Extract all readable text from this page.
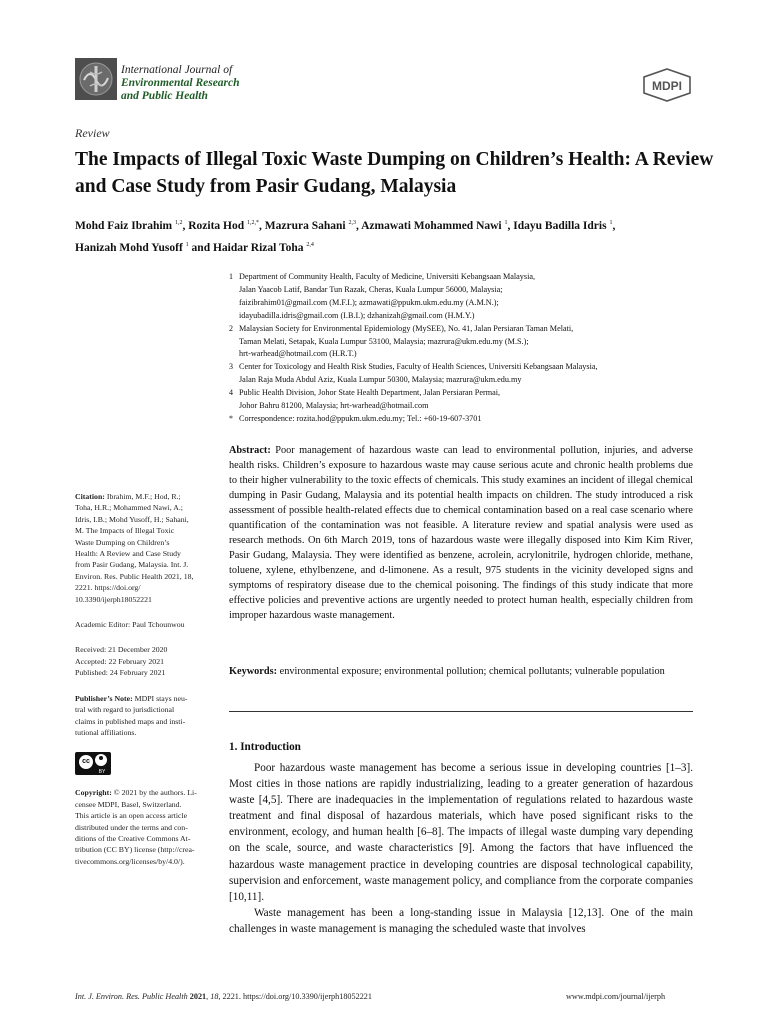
International Journal of
Environmental Research
and Public Health
MDPI
Review
The Impacts of Illegal Toxic Waste Dumping on Children’s Health: A Review and Case Study from Pasir Gudang, Malaysia
Mohd Faiz Ibrahim $^{1,2}$, Rozita Hod $^{1,2,*}$, Mazrura Sahani $^{2,3}$, Azmawati Mohammed Nawi $^1$, Idayu Badilla Idris $^1$,
Hanizah Mohd Yusoff $^1$ and Haidar Rizal Toha $^{2,4}$
1 Department of Community Health, Faculty of Medicine, Universiti Kebangsaan Malaysia,
Jalan Yaacob Latif, Bandar Tun Razak, Cheras, Kuala Lumpur 56000, Malaysia;
faizibrahim01@gmail.com (M.F.I.); azmawati@ppukm.ukm.edu.my (A.M.N.);
idayubadilla.idris@gmail.com (I.B.I.); dzhanizah@gmail.com (H.M.Y.)
2 Malaysian Society for Environmental Epidemiology (MySEE), No. 41, Jalan Persiaran Taman Melati,
Taman Melati, Setapak, Kuala Lumpur 53100, Malaysia; mazrura@ukm.edu.my (M.S.);
hrt-warhead@hotmail.com (H.R.T.)
3 Center for Toxicology and Health Risk Studies, Faculty of Health Sciences, Universiti Kebangsaan Malaysia,
Jalan Raja Muda Abdul Aziz, Kuala Lumpur 50300, Malaysia; mazrura@ukm.edu.my
4 Public Health Division, Johor State Health Department, Jalan Persiaran Permai,
Johor Bahru 81200, Malaysia; hrt-warhead@hotmail.com
* Correspondence: rozita.hod@ppukm.ukm.edu.my; Tel.: +60-19-607-3701
Citation: Ibrahim, M.F.; Hod, R.;
Toha, H.R.; Mohammed Nawi, A.;
Idris, I.B.; Mohd Yusoff, H.; Sahani,
M. The Impacts of Illegal Toxic
Waste Dumping on Children’s
Health: A Review and Case Study
from Pasir Gudang, Malaysia. Int. J.
Environ. Res. Public Health 2021, 18,
2221. https://doi.org/
10.3390/ijerph18052221
Academic Editor: Paul Tchounwou
Received: 21 December 2020
Accepted: 22 February 2021
Published: 24 February 2021
Publisher’s Note: MDPI stays neu-
tral with regard to jurisdictional
claims in published maps and insti-
tutional affiliations.
cc
BY
Copyright: © 2021 by the authors. Li-
censee MDPI, Basel, Switzerland.
This article is an open access article
distributed under the terms and con-
ditions of the Creative Commons At-
tribution (CC BY) license (http://crea-
tivecommons.org/licenses/by/4.0/).

Abstract: Poor management of hazardous waste can lead to environmental pollution, injuries, and adverse health risks. Children’s exposure to hazardous waste may cause serious acute and chronic health problems due to their higher vulnerability to the toxic effects of chemicals. This study examines an incident of illegal chemical dumping in Pasir Gudang, Malaysia and its potential health impacts on children. The study introduced a risk assessment of possible health-related effects due to chemical contamination based on a real case scenario where quantification of the contamination was not feasible. A literature review and spatial analysis were used as research methods. On 6th March 2019, tons of hazardous waste were illegally disposed into Kim Kim River, Pasir Gudang, Malaysia. They were identified as benzene, acrolein, acrylonitrile, hydrogen chloride, methane, toluene, xylene, ethylbenzene, and d-limonene. As a result, 975 students in the vicinity developed signs and symptoms of respiratory disease due to the chemical poisoning. The findings of this study indicate that more effective policies and preventive actions are urgently needed to protect human health, especially children from improper hazardous waste management.

Keywords: environmental exposure; environmental pollution; chemical pollutants; vulnerable population

1. Introduction

Poor hazardous waste management has become a serious issue in developing countries [1–3]. Most cities in those nations are rapidly industrializing, leading to a greater generation of hazardous waste [4,5]. There are inadequacies in the implementation of regulations related to hazardous waste treatment and final disposal of hazardous materials, which have posed significant risks to the environment, ecology, and human health [6–8]. The impacts of illegal waste dumping vary depending on the scale, source, and waste characteristics [9]. Among the factors that have influenced the hazardous waste management practice in developing countries are disposal technological capability, supervision and enforcement, waste management policy, and compliance from the corporate companies [10,11].

Waste management has been a long-standing issue in Malaysia [12,13]. One of the main challenges in waste management is managing the scheduled waste that involves

Int. J. Environ. Res. Public Health 2021, 18, 2221. https://doi.org/10.3390/ijerph18052221	www.mdpi.com/journal/ijerph
